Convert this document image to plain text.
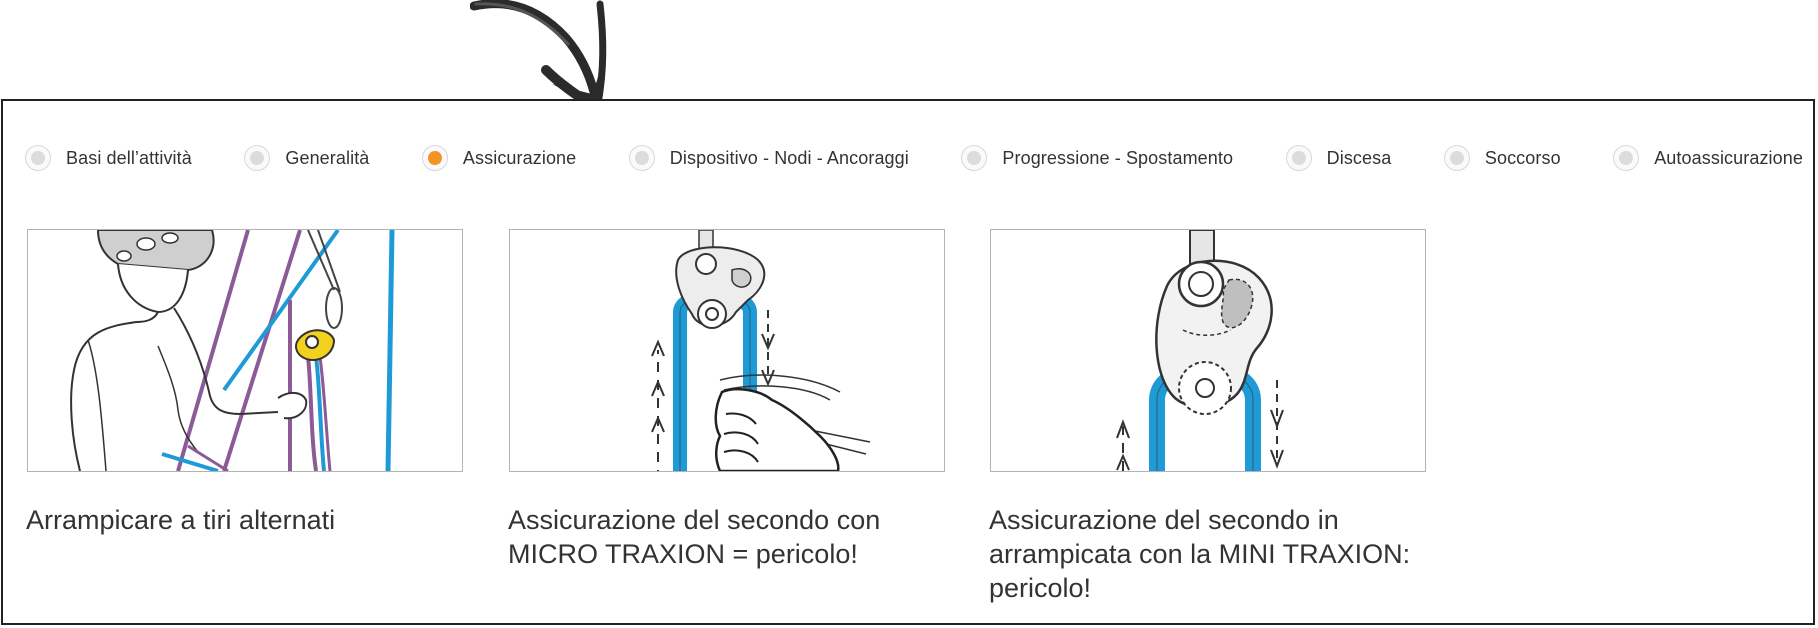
Basi dell’attività	Generalità	Assicurazione	Dispositivo - Nodi - Ancoraggi	Progressione - Spostamento	Discesa	Soccorso	Autoassicurazione
Arrampicare a tiri alternati	Assicurazione del secondo con MICRO TRAXION = pericolo!
Assicurazione del secondo in arrampicata con la MINI TRAXION: pericolo!
